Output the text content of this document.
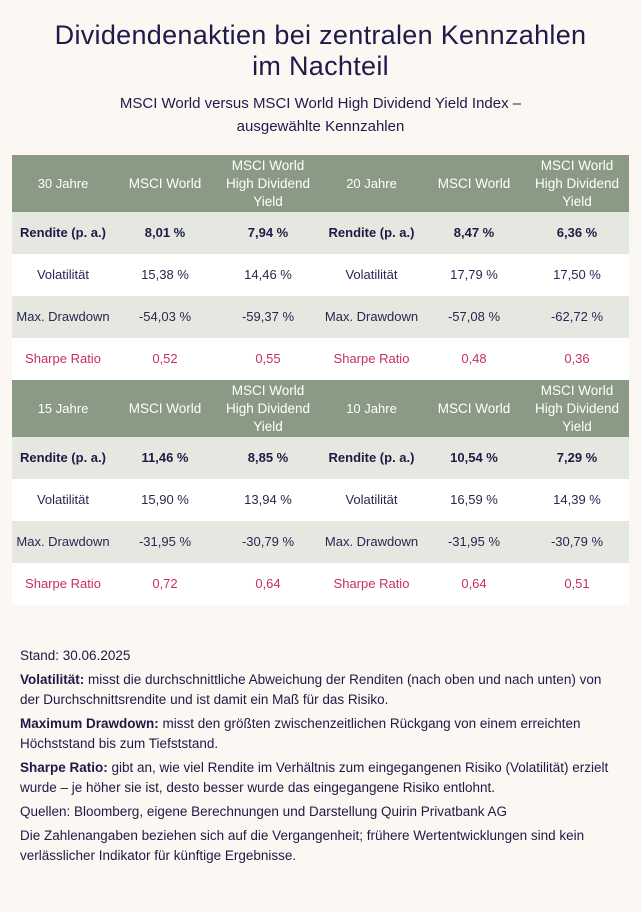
Dividendenaktien bei zentralen Kennzahlen
im Nachteil
MSCI World versus MSCI World High Dividend Yield Index –
ausgewählte Kennzahlen
30 Jahre	MSCI World	MSCI World High Dividend Yield	20 Jahre	MSCI World	MSCI World High Dividend Yield
Rendite (p. a.)	8,01 %	7,94 %	Rendite (p. a.)	8,47 %	6,36 %
Volatilität	15,38 %	14,46 %	Volatilität	17,79 %	17,50 %
Max. Drawdown	-54,03 %	-59,37 %	Max. Drawdown	-57,08 %	-62,72 %
Sharpe Ratio	0,52	0,55	Sharpe Ratio	0,48	0,36
15 Jahre	MSCI World	MSCI World High Dividend Yield	10 Jahre	MSCI World	MSCI World High Dividend Yield
Rendite (p. a.)	11,46 %	8,85 %	Rendite (p. a.)	10,54 %	7,29 %
Volatilität	15,90 %	13,94 %	Volatilität	16,59 %	14,39 %
Max. Drawdown	-31,95 %	-30,79 %	Max. Drawdown	-31,95 %	-30,79 %
Sharpe Ratio	0,72	0,64	Sharpe Ratio	0,64	0,51

Stand: 30.06.2025

Volatilität: misst die durchschnittliche Abweichung der Renditen (nach oben und nach unten) von der Durchschnittsrendite und ist damit ein Maß für das Risiko.

Maximum Drawdown: misst den größten zwischenzeitlichen Rückgang von einem erreichten Höchststand bis zum Tiefststand.

Sharpe Ratio: gibt an, wie viel Rendite im Verhältnis zum eingegangenen Risiko (Volatilität) erzielt wurde – je höher sie ist, desto besser wurde das eingegangene Risiko entlohnt.

Quellen: Bloomberg, eigene Berechnungen und Darstellung Quirin Privatbank AG

Die Zahlenangaben beziehen sich auf die Vergangenheit; frühere Wertentwicklungen sind kein verlässlicher Indikator für künftige Ergebnisse.
